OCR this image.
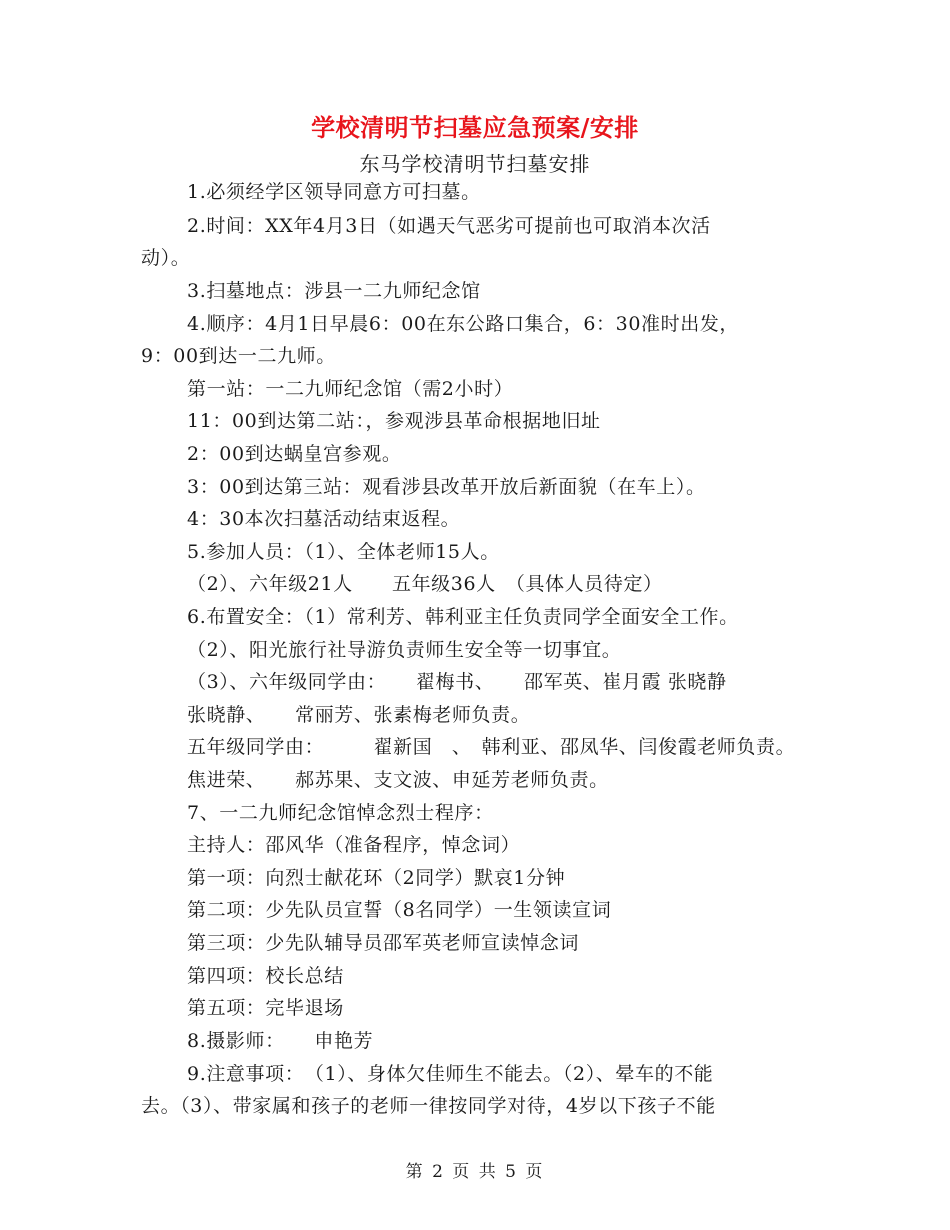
学校清明节扫墓应急预案/安排
东马学校清明节扫墓安排
1.必须经学区领导同意方可扫墓。
2.时间：XX年4月3日（如遇天气恶劣可提前也可取消本次活
动）。
3.扫墓地点：涉县一二九师纪念馆
4.顺序：4月1日早晨6：00在东公路口集合，6：30准时出发，
9：00到达一二九师。
第一站：一二九师纪念馆（需2小时）
11：00到达第二站：，参观涉县革命根据地旧址
2：00到达蜗皇宫参观。
3：00到达第三站：观看涉县改革开放后新面貌（在车上）。
4：30本次扫墓活动结束返程。
5.参加人员：（1）、全体老师15人。
（2）、六年级21人　　五年级36人　（具体人员待定）
6.布置安全：（1）常利芳、韩利亚主任负责同学全面安全工作。
（2）、阳光旅行社导游负责师生安全等一切事宜。
（3）、六年级同学由：　　翟梅书、　　邵军英、崔月霞 张晓静
张晓静、　　常丽芳、张素梅老师负责。
五年级同学由：　　　翟新国　、　韩利亚、邵凤华、闫俊霞老师负责。
焦进荣、　　郝苏果、支文波、申延芳老师负责。
7、一二九师纪念馆悼念烈士程序：
主持人：邵风华（准备程序，悼念词）
第一项：向烈士献花环（2同学）默哀1分钟
第二项：少先队员宣誓（8名同学）一生领读宣词
第三项：少先队辅导员邵军英老师宣读悼念词
第四项：校长总结
第五项：完毕退场
8.摄影师：　　申艳芳
9.注意事项：　（1）、身体欠佳师生不能去。（2）、晕车的不能
去。（3）、带家属和孩子的老师一律按同学对待，4岁以下孩子不能
第 2 页 共 5 页
